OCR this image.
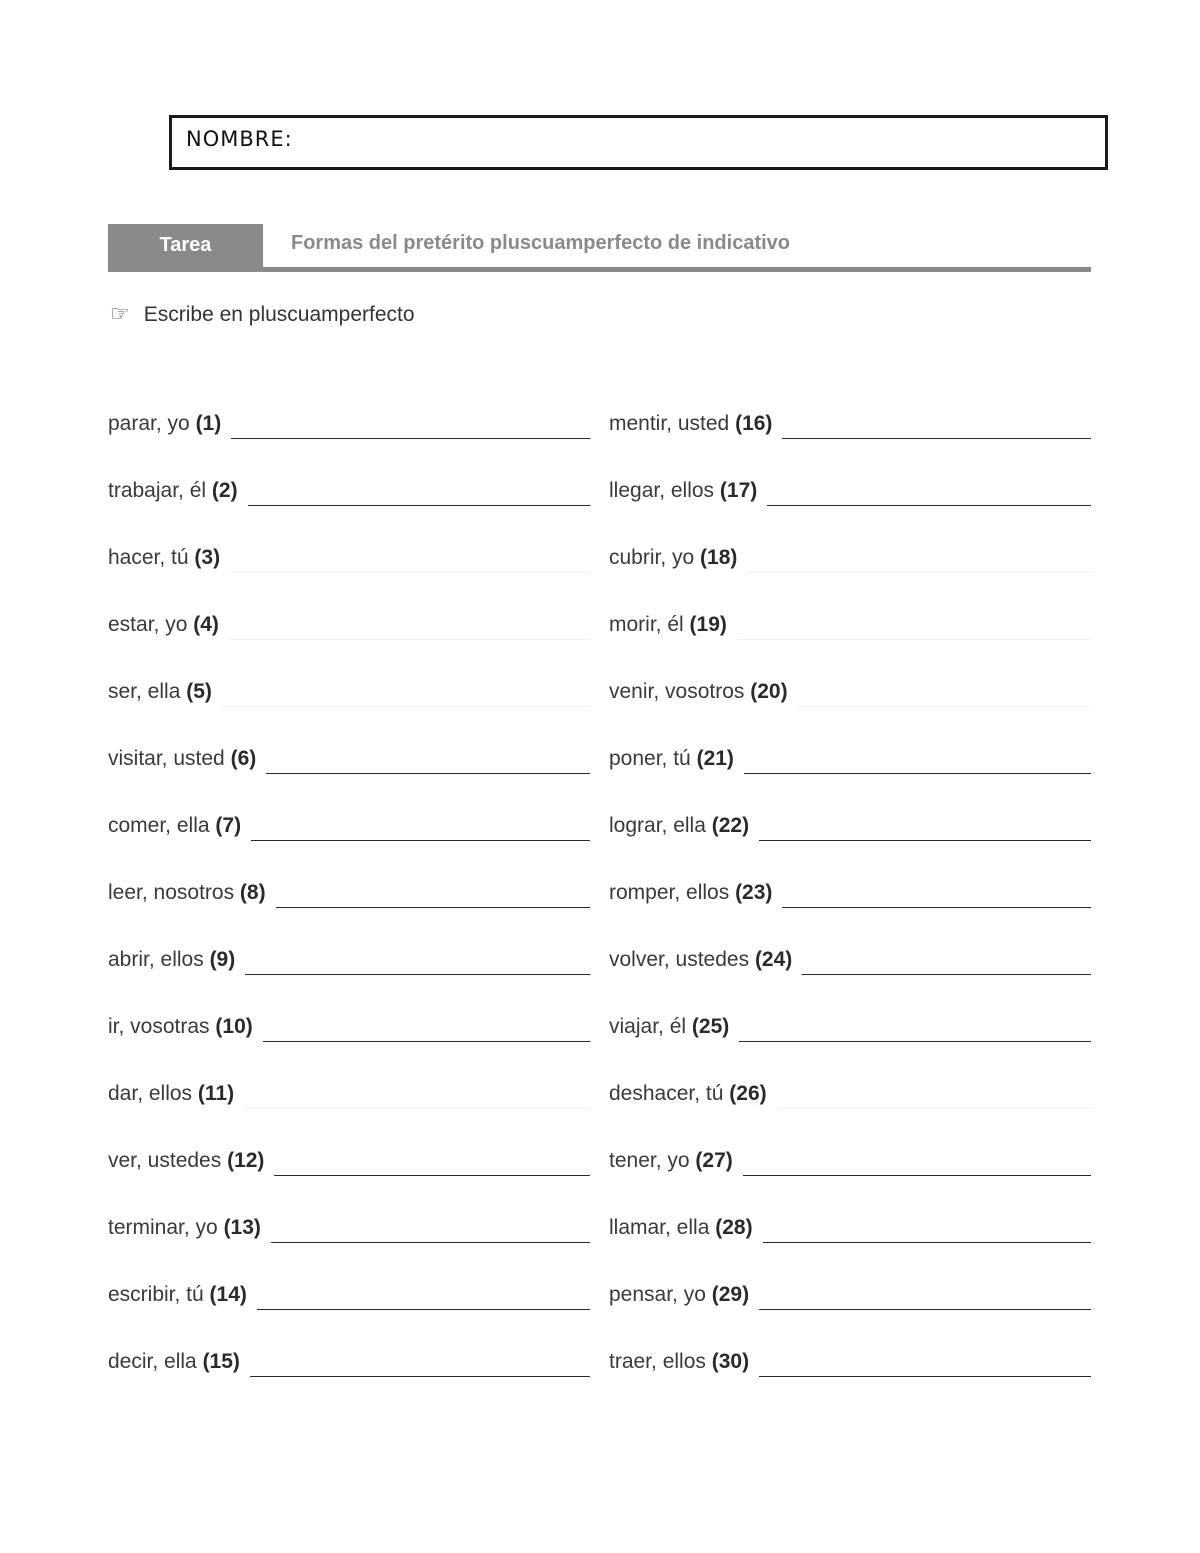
NOMBRE:
Tarea	Formas del pretérito pluscuamperfecto de indicativo
☞ Escribe en pluscuamperfecto
parar, yo (1)	mentir, usted (16)
trabajar, él (2)	llegar, ellos (17)
hacer, tú (3)	cubrir, yo (18)
estar, yo (4)	morir, él (19)
ser, ella (5)	venir, vosotros (20)
visitar, usted (6)	poner, tú (21)
comer, ella (7)	lograr, ella (22)
leer, nosotros (8)	romper, ellos (23)
abrir, ellos (9)	volver, ustedes (24)
ir, vosotras (10)	viajar, él (25)
dar, ellos (11)	deshacer, tú (26)
ver, ustedes (12)	tener, yo (27)
terminar, yo (13)	llamar, ella (28)
escribir, tú (14)	pensar, yo (29)
decir, ella (15)	traer, ellos (30)
